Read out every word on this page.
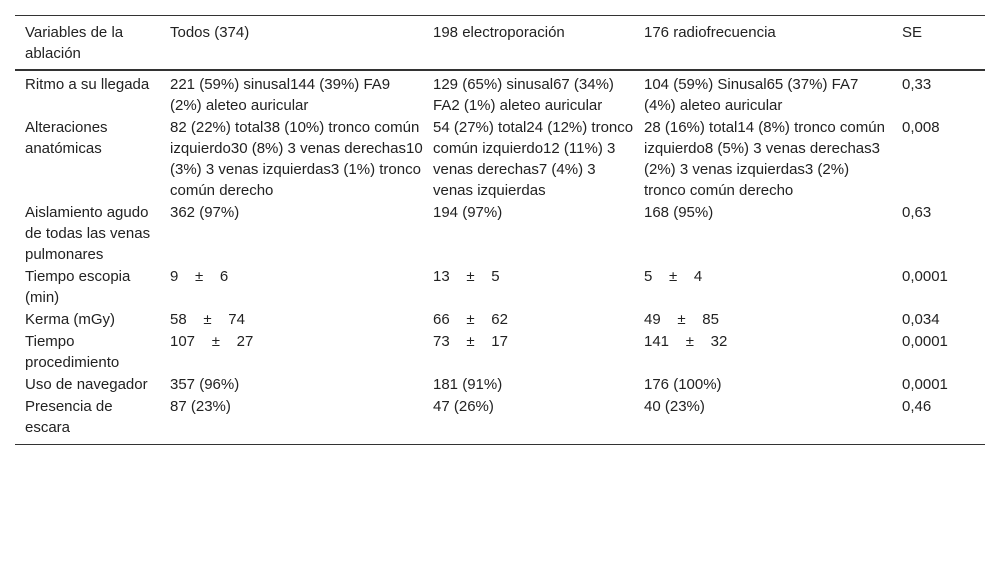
Variables de la ablación	Todos (374)	198 electroporación	176 radiofrecuencia	SE
Ritmo a su llegada	221 (59%) sinusal144 (39%) FA9 (2%) aleteo auricular	129 (65%) sinusal67 (34%) FA2 (1%) aleteo auricular	104 (59%) Sinusal65 (37%) FA7 (4%) aleteo auricular	0,33
Alteraciones anatómicas	82 (22%) total38 (10%) tronco común izquierdo30 (8%) 3 venas derechas10 (3%) 3 venas izquierdas3 (1%) tronco común derecho	54 (27%) total24 (12%) tronco común izquierdo12 (11%) 3 venas derechas7 (4%) 3 venas izquierdas	28 (16%) total14 (8%) tronco común izquierdo8 (5%) 3 venas derechas3 (2%) 3 venas izquierdas3 (2%) tronco común derecho	0,008
Aislamiento agudo de todas las venas pulmonares	362 (97%)	194 (97%)	168 (95%)	0,63
Tiempo escopia (min)	9    ±    6	13    ±    5	5    ±    4	0,0001
Kerma (mGy)	58    ±    74	66    ±    62	49    ±    85	0,034
Tiempo procedimiento	107    ±    27	73    ±    17	141    ±    32	0,0001
Uso de navegador	357 (96%)	181 (91%)	176 (100%)	0,0001
Presencia de escara	87 (23%)	47 (26%)	40 (23%)	0,46
